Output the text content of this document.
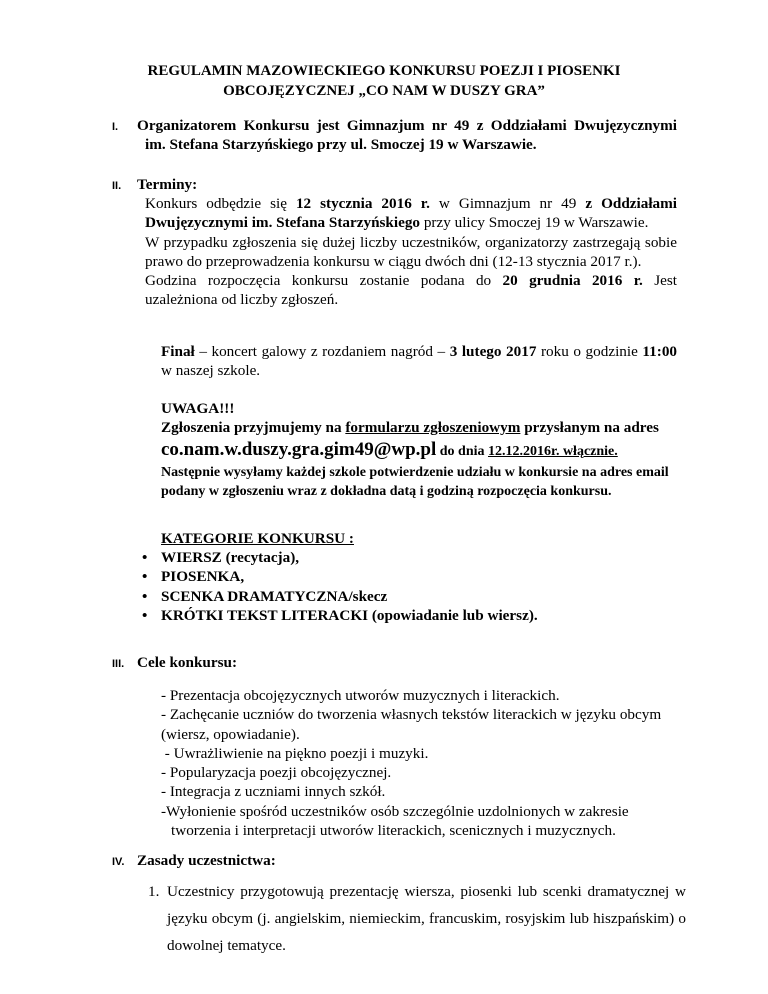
REGULAMIN MAZOWIECKIEGO KONKURSU POEZJI I PIOSENKI
OBCOJĘZYCZNEJ „CO NAM W DUSZY GRA”
I. Organizatorem Konkursu jest Gimnazjum nr 49 z Oddziałami Dwujęzycznymi
im. Stefana Starzyńskiego przy ul. Smoczej 19 w Warszawie.
II. Terminy:
Konkurs odbędzie się 12 stycznia 2016 r. w Gimnazjum nr 49 z Oddziałami Dwujęzycznymi im. Stefana Starzyńskiego przy ulicy Smoczej 19 w Warszawie.
W przypadku zgłoszenia się dużej liczby uczestników, organizatorzy zastrzegają sobie prawo do przeprowadzenia konkursu w ciągu dwóch dni (12-13 stycznia 2017 r.).
Godzina rozpoczęcia konkursu zostanie podana do 20 grudnia 2016 r. Jest uzależniona od liczby zgłoszeń.
Finał – koncert galowy z rozdaniem nagród – 3 lutego 2017 roku o godzinie 11:00 w naszej szkole.
UWAGA!!!
Zgłoszenia przyjmujemy na formularzu zgłoszeniowym przysłanym na adres
co.nam.w.duszy.gra.gim49@wp.pl do dnia 12.12.2016r. włącznie.
Następnie wysyłamy każdej szkole potwierdzenie udziału w konkursie na adres email podany w zgłoszeniu wraz z dokładna datą i godziną rozpoczęcia konkursu.
KATEGORIE KONKURSU :
• WIERSZ (recytacja),
• PIOSENKA,
• SCENKA DRAMATYCZNA/skecz
• KRÓTKI TEKST LITERACKI (opowiadanie lub wiersz).
III. Cele konkursu:
- Prezentacja obcojęzycznych utworów muzycznych i literackich.
- Zachęcanie uczniów do tworzenia własnych tekstów literackich w języku obcym
(wiersz, opowiadanie).
- Uwrażliwienie na piękno poezji i muzyki.
- Popularyzacja poezji obcojęzycznej.
- Integracja z uczniami innych szkół.
-Wyłonienie spośród uczestników osób szczególnie uzdolnionych w zakresie
tworzenia i interpretacji utworów literackich, scenicznych i muzycznych.
IV. Zasady uczestnictwa:
1. Uczestnicy przygotowują prezentację wiersza, piosenki lub scenki dramatycznej w języku obcym (j. angielskim, niemieckim, francuskim, rosyjskim lub hiszpańskim) o dowolnej tematyce.
